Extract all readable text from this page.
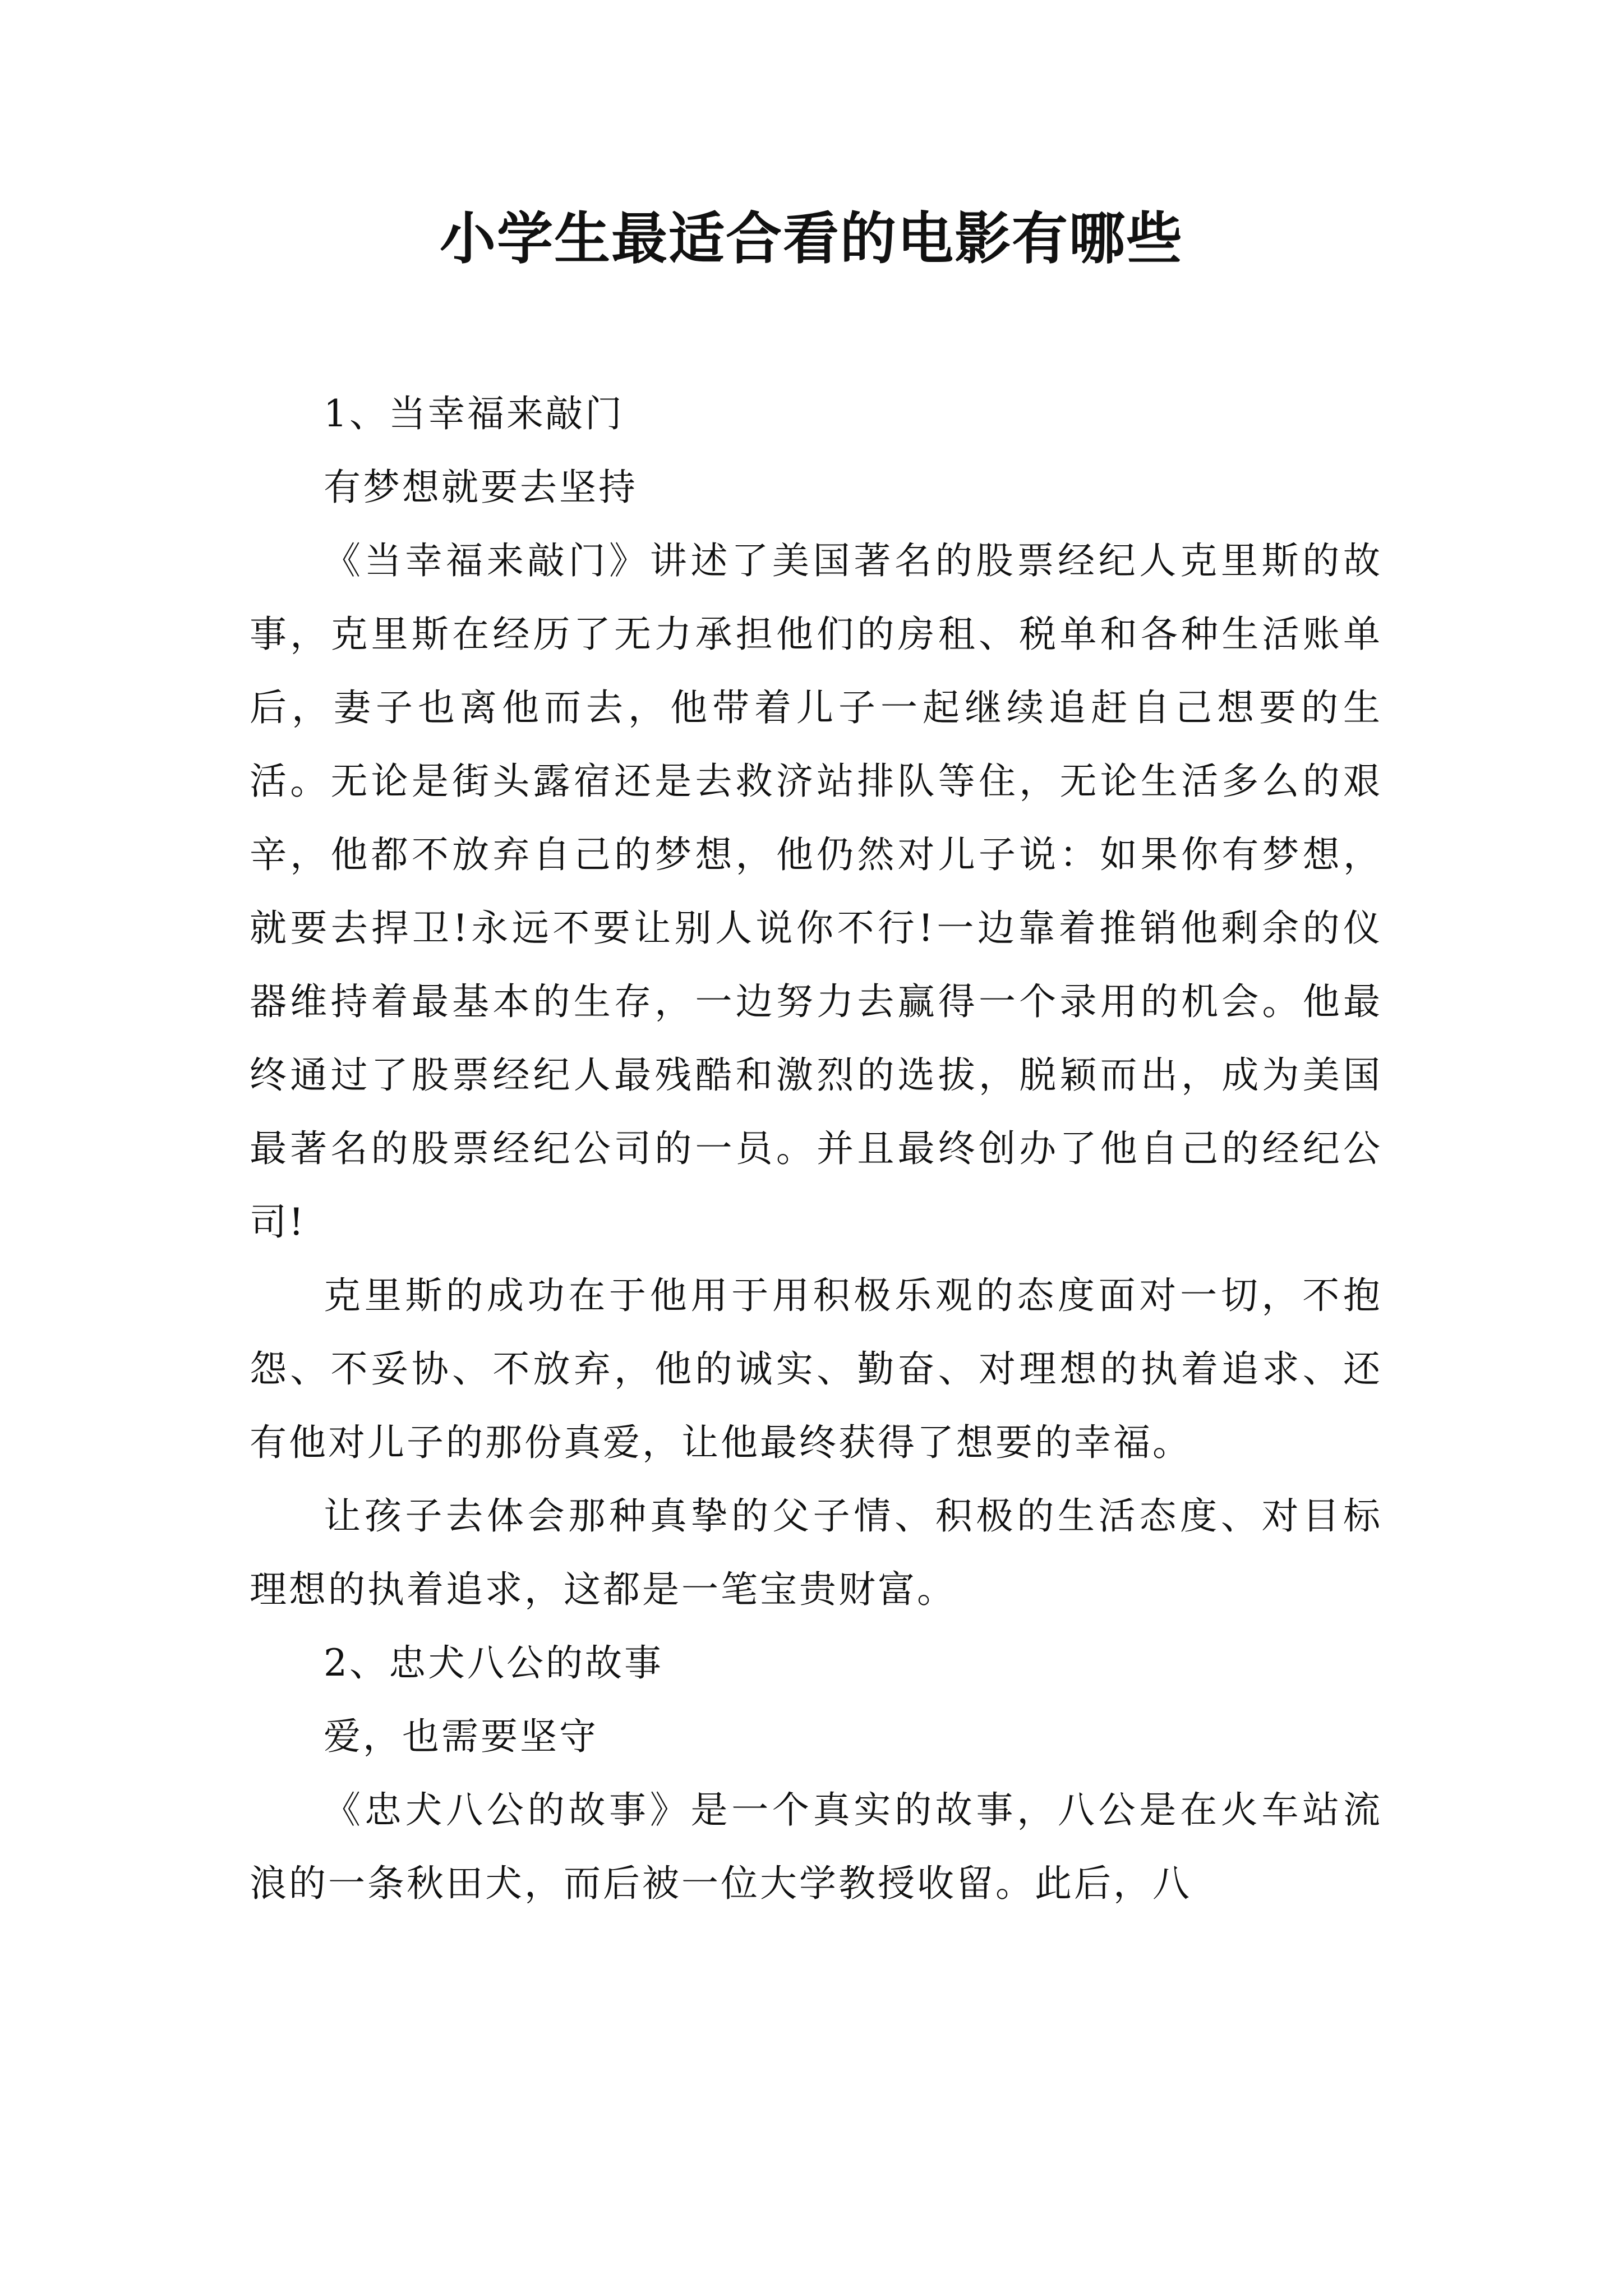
小学生最适合看的电影有哪些

1、当幸福来敲门

有梦想就要去坚持

《当幸福来敲门》讲述了美国著名的股票经纪人克里斯的故事，克里斯在经历了无力承担他们的房租、税单和各种生活账单后，妻子也离他而去，他带着儿子一起继续追赶自己想要的生活。无论是街头露宿还是去救济站排队等住，无论生活多么的艰辛，他都不放弃自己的梦想，他仍然对儿子说：如果你有梦想，就要去捍卫!永远不要让别人说你不行!一边靠着推销他剩余的仪器维持着最基本的生存，一边努力去赢得一个录用的机会。他最终通过了股票经纪人最残酷和激烈的选拔，脱颖而出，成为美国最著名的股票经纪公司的一员。并且最终创办了他自己的经纪公司!

克里斯的成功在于他用于用积极乐观的态度面对一切，不抱怨、不妥协、不放弃，他的诚实、勤奋、对理想的执着追求、还有他对儿子的那份真爱，让他最终获得了想要的幸福。

让孩子去体会那种真挚的父子情、积极的生活态度、对目标理想的执着追求，这都是一笔宝贵财富。

2、忠犬八公的故事

爱，也需要坚守

《忠犬八公的故事》是一个真实的故事，八公是在火车站流浪的一条秋田犬，而后被一位大学教授收留。此后，八
